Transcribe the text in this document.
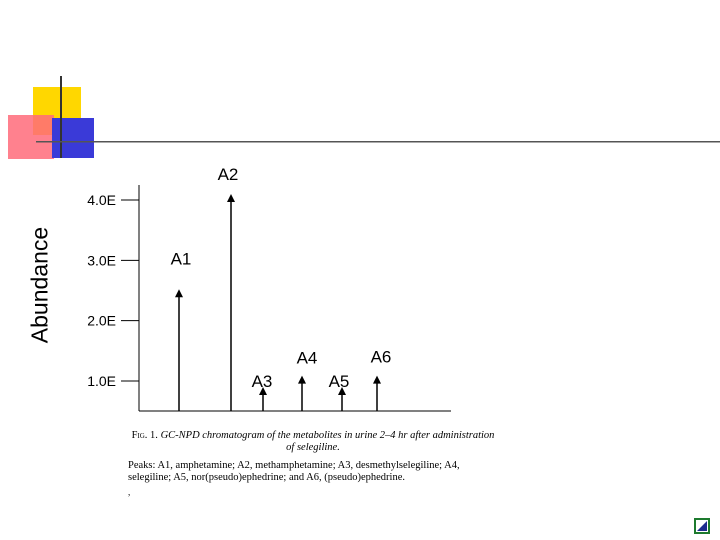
Abundance
4.0E
3.0E
2.0E
1.0E
A1
A2
A3
A4
A5
A6
Fig. 1. GC-NPD chromatogram of the metabolites in urine 2–4 hr after administration of selegiline.
Peaks: A1, amphetamine; A2, methamphetamine; A3, desmethylselegiline; A4, selegiline; A5, nor(pseudo)ephedrine; and A6, (pseudo)ephedrine.
,
